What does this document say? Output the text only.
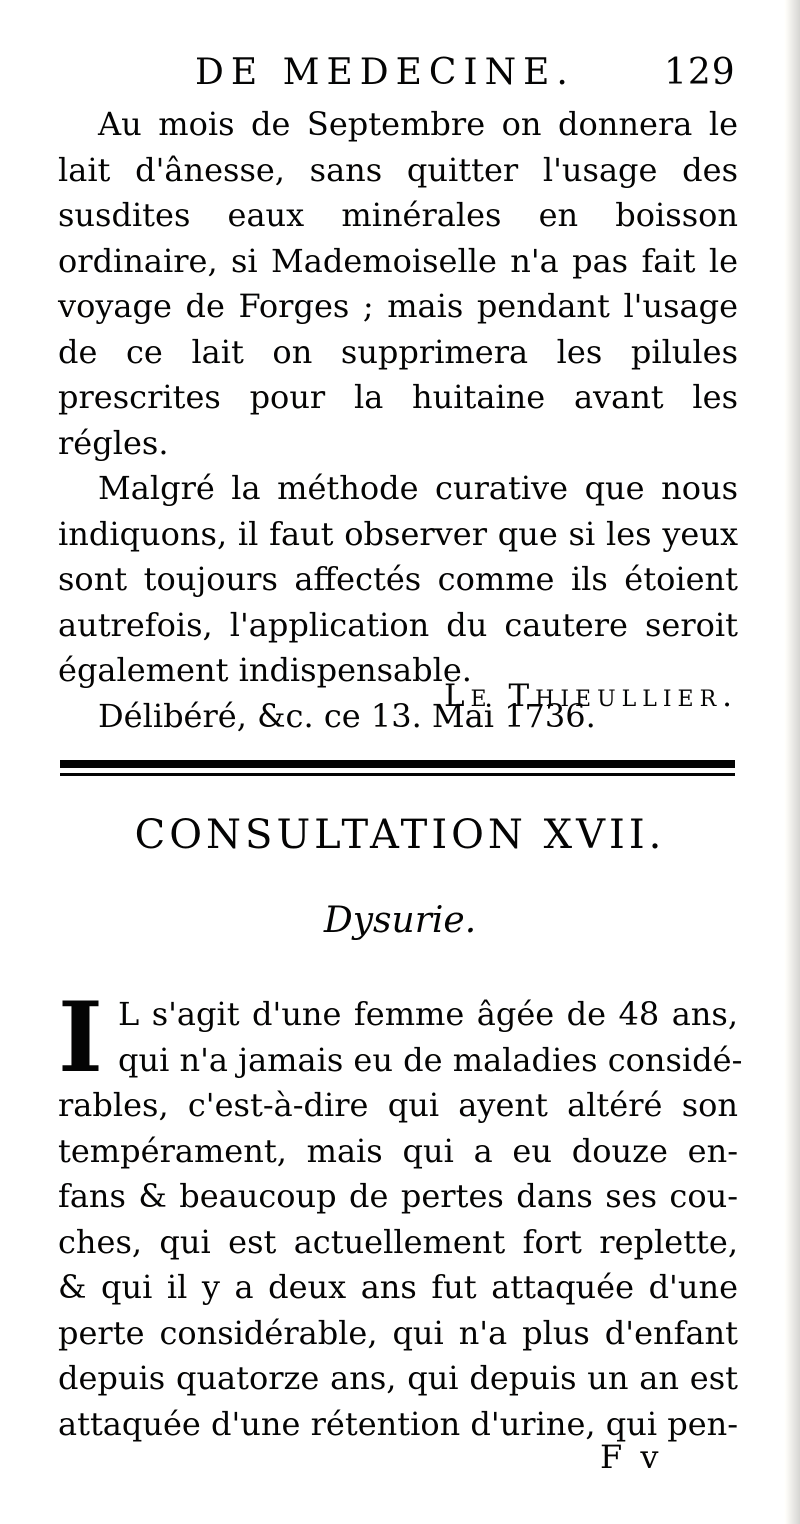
DE MEDECINE. 129

Au mois de Septembre on donnera le lait d'ânesse, sans quitter l'usage des susdites eaux minérales en boisson ordinaire, si Mademoiselle n'a pas fait le voyage de Forges ; mais pendant l'usage de ce lait on supprimera les pilules prescrites pour la huitaine avant les régles.

Malgré la méthode curative que nous indiquons, il faut observer que si les yeux sont toujours affectés comme ils étoient autrefois, l'application du cautere seroit également indispensable.

Délibéré, &c. ce 13. Mai 1736.

Le Thieullier.
CONSULTATION XVII.
Dysurie.
I L s'agit d'une femme âgée de 48 ans,
qui n'a jamais eu de maladies considé-
rables, c'est-à-dire qui ayent altéré son
tempérament, mais qui a eu douze en-
fans & beaucoup de pertes dans ses cou-
ches, qui est actuellement fort replette,
& qui il y a deux ans fut attaquée d'une
perte considérable, qui n'a plus d'enfant
depuis quatorze ans, qui depuis un an est
attaquée d'une rétention d'urine, qui pen-
F v
